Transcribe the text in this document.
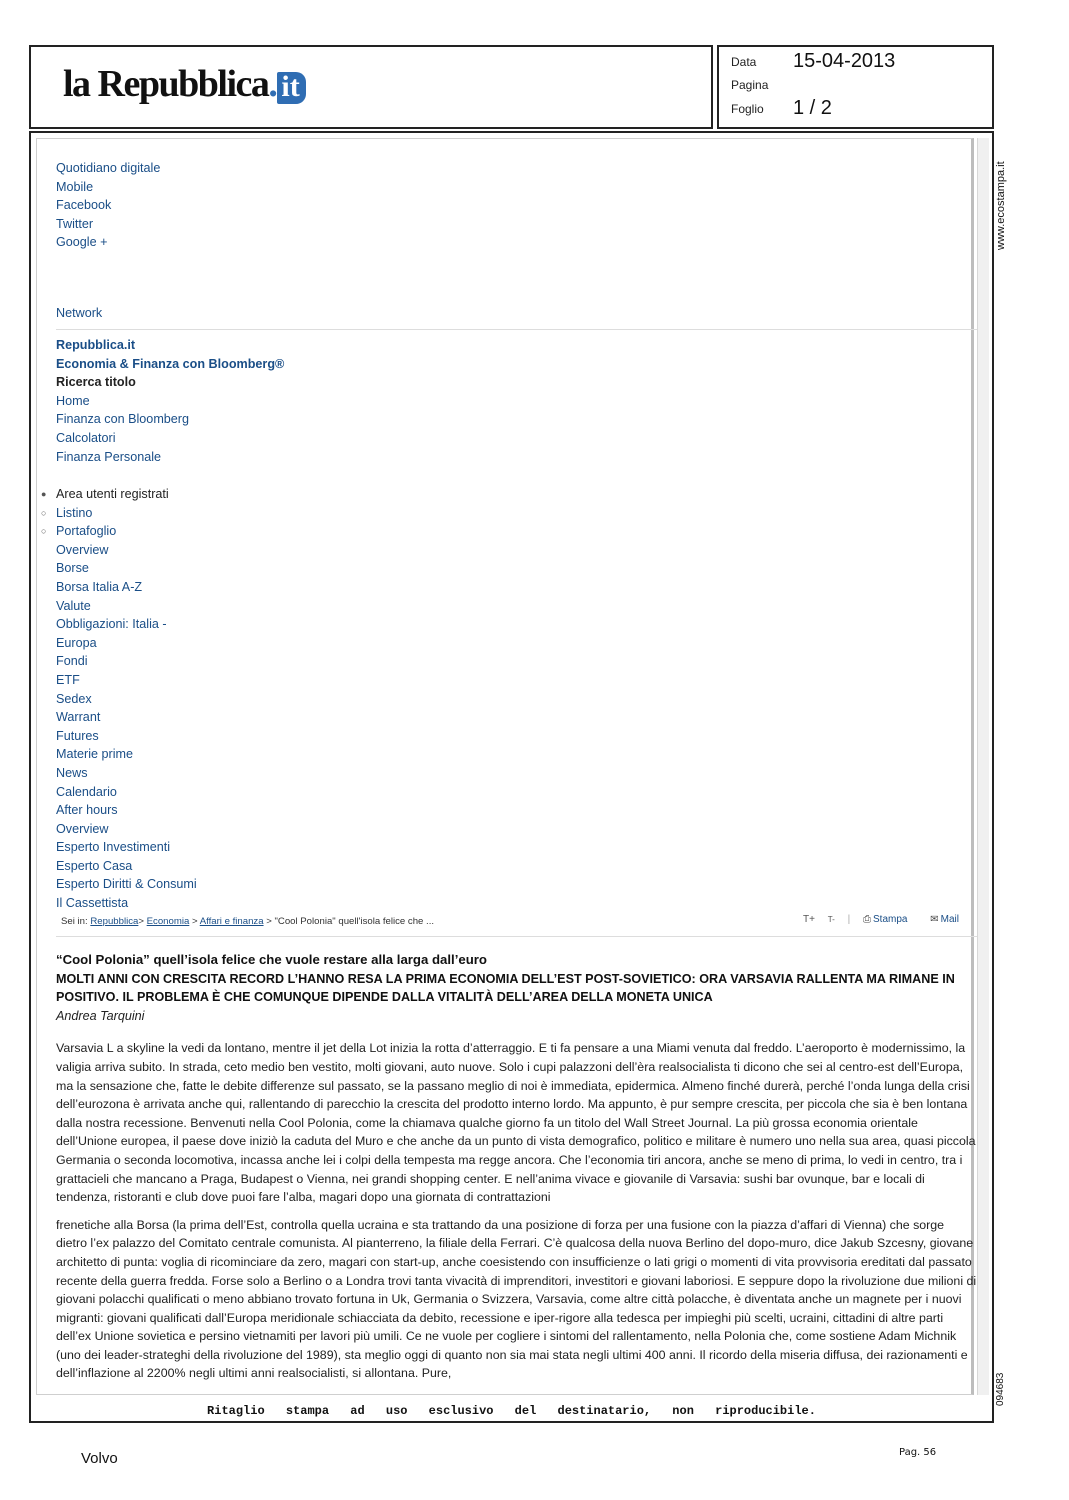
la Repubblica. it
Data 15-04-2013
Pagina
Foglio 1 / 2
Quotidiano digitale
Mobile
Facebook
Twitter
Google +
Network
Repubblica.it
Economia & Finanza con Bloomberg®
Ricerca titolo
Home
Finanza con Bloomberg
Calcolatori
Finanza Personale
●
○
○
Area utenti registrati
Listino
Portafoglio
Overview
Borse
Borsa Italia A-Z
Valute
Obbligazioni: Italia -
Europa
Fondi
ETF
Sedex
Warrant
Futures
Materie prime
News
Calendario
After hours
Overview
Esperto Investimenti
Esperto Casa
Esperto Diritti & Consumi
Il Cassettista
Sei in: Repubblica> Economia > Affari e finanza > "Cool Polonia" quell'isola felice che ...	T+ T- | ⎙ Stampa ✉ Mail
“Cool Polonia” quell’isola felice che vuole restare alla larga dall’euro
MOLTI ANNI CON CRESCITA RECORD L’HANNO RESA LA PRIMA ECONOMIA DELL’EST POST-SOVIETICO: ORA VARSAVIA RALLENTA MA RIMANE IN POSITIVO. IL PROBLEMA È CHE COMUNQUE DIPENDE DALLA VITALITÀ DELL’AREA DELLA MONETA UNICA
Andrea Tarquini
Varsavia L a skyline la vedi da lontano, mentre il jet della Lot inizia la rotta d’atterraggio. E ti fa pensare a una Miami venuta dal freddo. L’aeroporto è modernissimo, la valigia arriva subito. In strada, ceto medio ben vestito, molti giovani, auto nuove. Solo i cupi palazzoni dell’èra realsocialista ti dicono che sei al centro-est dell’Europa, ma la sensazione che, fatte le debite differenze sul passato, se la passano meglio di noi è immediata, epidermica. Almeno finché durerà, perché l’onda lunga della crisi dell’eurozona è arrivata anche qui, rallentando di parecchio la crescita del prodotto interno lordo. Ma appunto, è pur sempre crescita, per piccola che sia è ben lontana dalla nostra recessione. Benvenuti nella Cool Polonia, come la chiamava qualche giorno fa un titolo del Wall Street Journal. La più grossa economia orientale dell’Unione europea, il paese dove iniziò la caduta del Muro e che anche da un punto di vista demografico, politico e militare è numero uno nella sua area, quasi piccola Germania o seconda locomotiva, incassa anche lei i colpi della tempesta ma regge ancora. Che l’economia tiri ancora, anche se meno di prima, lo vedi in centro, tra i grattacieli che mancano a Praga, Budapest o Vienna, nei grandi shopping center. E nell’anima vivace e giovanile di Varsavia: sushi bar ovunque, bar e locali di tendenza, ristoranti e club dove puoi fare l’alba, magari dopo una giornata di contrattazioni
frenetiche alla Borsa (la prima dell’Est, controlla quella ucraina e sta trattando da una posizione di forza per una fusione con la piazza d’affari di Vienna) che sorge dietro l’ex palazzo del Comitato centrale comunista. Al pianterreno, la filiale della Ferrari. C’è qualcosa della nuova Berlino del dopo-muro, dice Jakub Szcesny, giovane architetto di punta: voglia di ricominciare da zero, magari con start-up, anche coesistendo con insufficienze o lati grigi o momenti di vita provvisoria ereditati dal passato recente della guerra fredda. Forse solo a Berlino o a Londra trovi tanta vivacità di imprenditori, investitori e giovani laboriosi. E seppure dopo la rivoluzione due milioni di giovani polacchi qualificati o meno abbiano trovato fortuna in Uk, Germania o Svizzera, Varsavia, come altre città polacche, è diventata anche un magnete per i nuovi migranti: giovani qualificati dall’Europa meridionale schiacciata da debito, recessione e iper-rigore alla tedesca per impieghi più scelti, ucraini, cittadini di altre parti dell’ex Unione sovietica e persino vietnamiti per lavori più umili. Ce ne vuole per cogliere i sintomi del rallentamento, nella Polonia che, come sostiene Adam Michnik (uno dei leader-strateghi della rivoluzione del 1989), sta meglio oggi di quanto non sia mai stata negli ultimi 400 anni. Il ricordo della miseria diffusa, dei razionamenti e dell’inflazione al 2200% negli ultimi anni realsocialisti, si allontana. Pure,
Ritaglio stampa ad uso esclusivo del destinatario, non riproducibile.
www.ecostampa.it
094683
Volvo	Pag. 56
